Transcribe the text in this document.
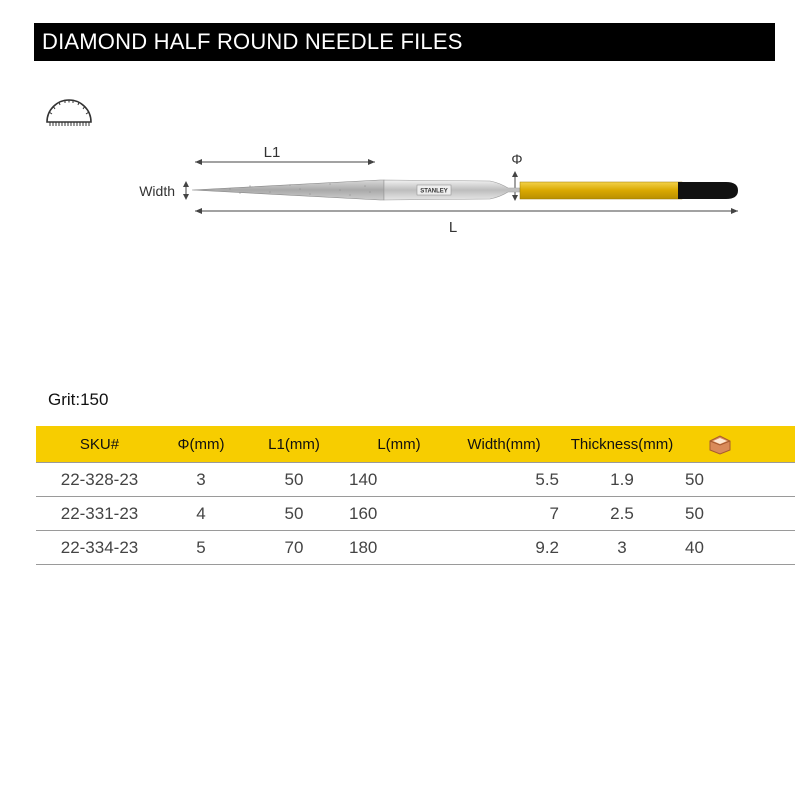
DIAMOND HALF ROUND NEEDLE FILES
STANLEY
L1	Φ
Width
L
Grit:150
SKU#	Φ(mm)	L1(mm)	L(mm)	Width(mm)	Thickness(mm)	
22-328-23	3	50	140	5.5	1.9	50
22-331-23	4	50	160	7	2.5	50
22-334-23	5	70	180	9.2	3	40
